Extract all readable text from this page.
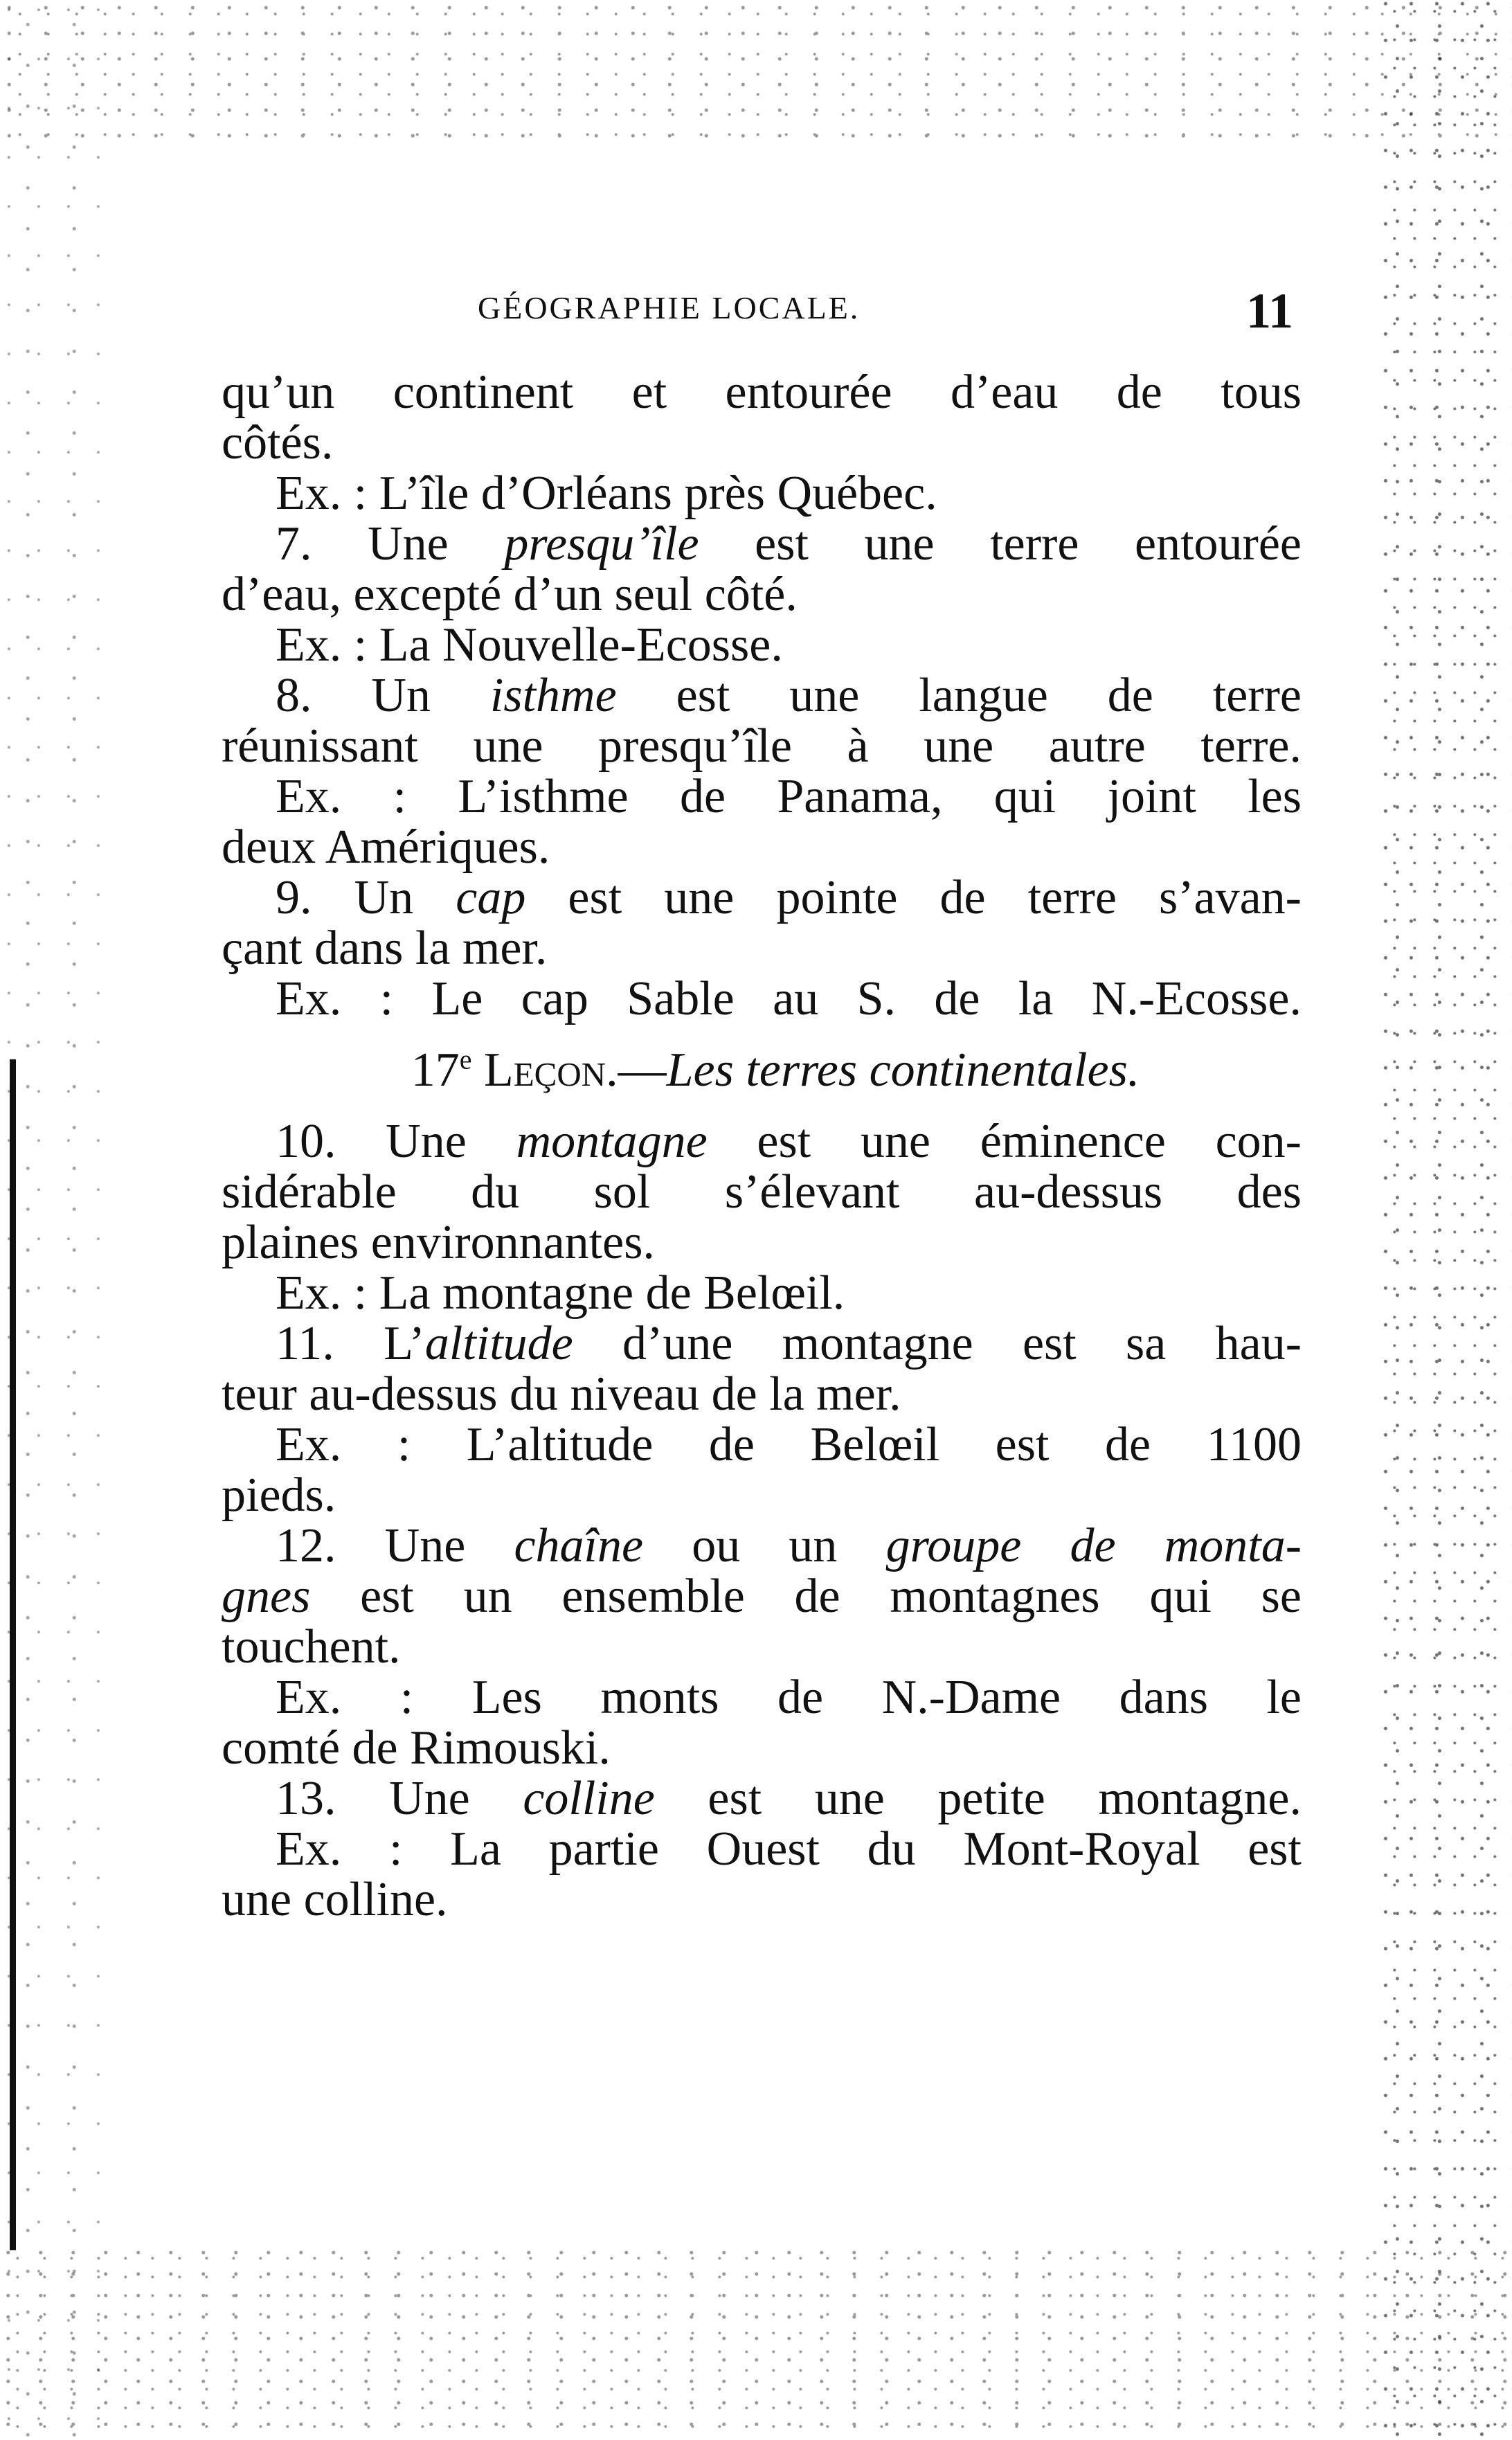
GÉOGRAPHIE LOCALE.	11
qu’un continent et entourée d’eau de tous
côtés.
Ex. : L’île d’Orléans près Québec.
7. Une presqu’île est une terre entourée
d’eau, excepté d’un seul côté.
Ex. : La Nouvelle-Ecosse.
8. Un isthme est une langue de terre
réunissant une presqu’île à une autre terre.
Ex. : L’isthme de Panama, qui joint les
deux Amériques.
9. Un cap est une pointe de terre s’avan-
çant dans la mer.
Ex. : Le cap Sable au S. de la N.-Ecosse.
17e Leçon.—Les terres continentales.
10. Une montagne est une éminence con-
sidérable du sol s’élevant au-dessus des
plaines environnantes.
Ex. : La montagne de Belœil.
11. L’altitude d’une montagne est sa hau-
teur au-dessus du niveau de la mer.
Ex. : L’altitude de Belœil est de 1100
pieds.
12. Une chaîne ou un groupe de monta-
gnes est un ensemble de montagnes qui se
touchent.
Ex. : Les monts de N.-Dame dans le
comté de Rimouski.
13. Une colline est une petite montagne.
Ex. : La partie Ouest du Mont-Royal est
une colline.
